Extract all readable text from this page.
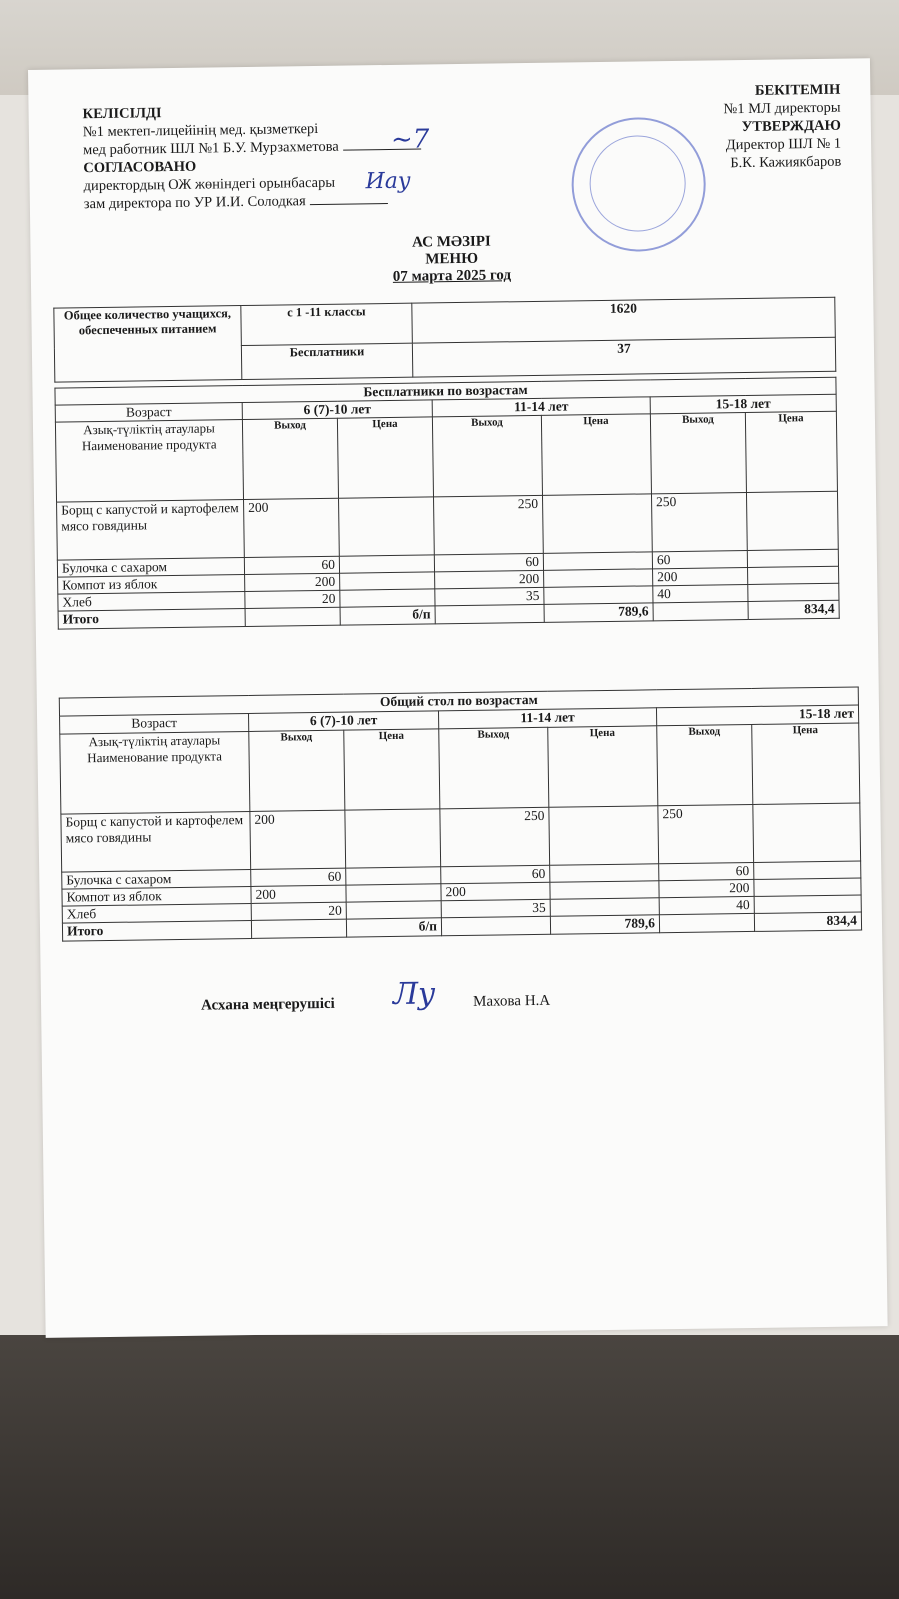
КЕЛІСІЛДІ
№1 мектеп-лицейінің мед. қызметкері
мед работник ШЛ №1 Б.У. Мурзахметова
СОГЛАСОВАНО
директордың ОЖ жөніндегі орынбасары
зам директора по УР И.И. Солодкая
~7
Иау
БЕКІТЕМІН
№1 МЛ директоры
УТВЕРЖДАЮ
Директор ШЛ № 1
Б.К. Кажиякбаров
АС МӘЗІРІ
МЕНЮ
07 марта 2025 год
Общее количество учащихся, обеспеченных питанием	с 1 -11 классы	1620
	Бесплатники	37
Бесплатники по возрастам						
Возраст	6 (7)-10 лет		11-14 лет		15-18 лет	
Азық-түліктің атаулары Наименование продукта	Выход	Цена	Выход	Цена	Выход	Цена
Борщ с капустой и картофелем мясо говядины	200		250		250	
Булочка с сахаром	60		60		60	
Компот из яблок	200		200		200	
Хлеб	20		35		40	
Итого		б/п		789,6		834,4
Общий стол по возрастам						
Возраст	6 (7)-10 лет		11-14 лет		15-18 лет	
Азық-түліктің атаулары Наименование продукта	Выход	Цена	Выход	Цена	Выход	Цена
Борщ с капустой и картофелем мясо говядины	200		250		250	
Булочка с сахаром	60		60		60	
Компот из яблок	200		200		200	
Хлеб	20		35		40	
Итого		б/п		789,6		834,4
Асхана меңгерушісі Лу Махова Н.А
